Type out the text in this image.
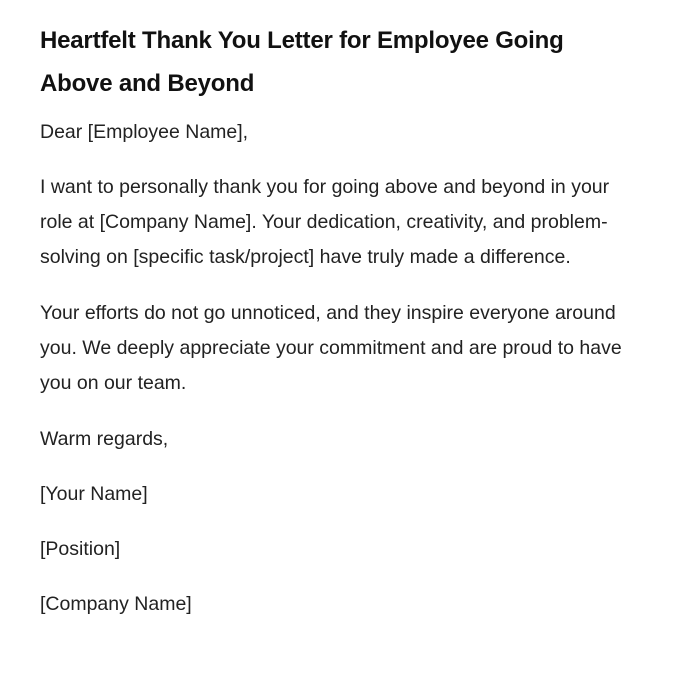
Heartfelt Thank You Letter for Employee Going Above and Beyond

Dear [Employee Name],

I want to personally thank you for going above and beyond in your role at [Company Name]. Your dedication, creativity, and problem-solving on [specific task/project] have truly made a difference.

Your efforts do not go unnoticed, and they inspire everyone around you. We deeply appreciate your commitment and are proud to have you on our team.

Warm regards,

[Your Name]

[Position]

[Company Name]
